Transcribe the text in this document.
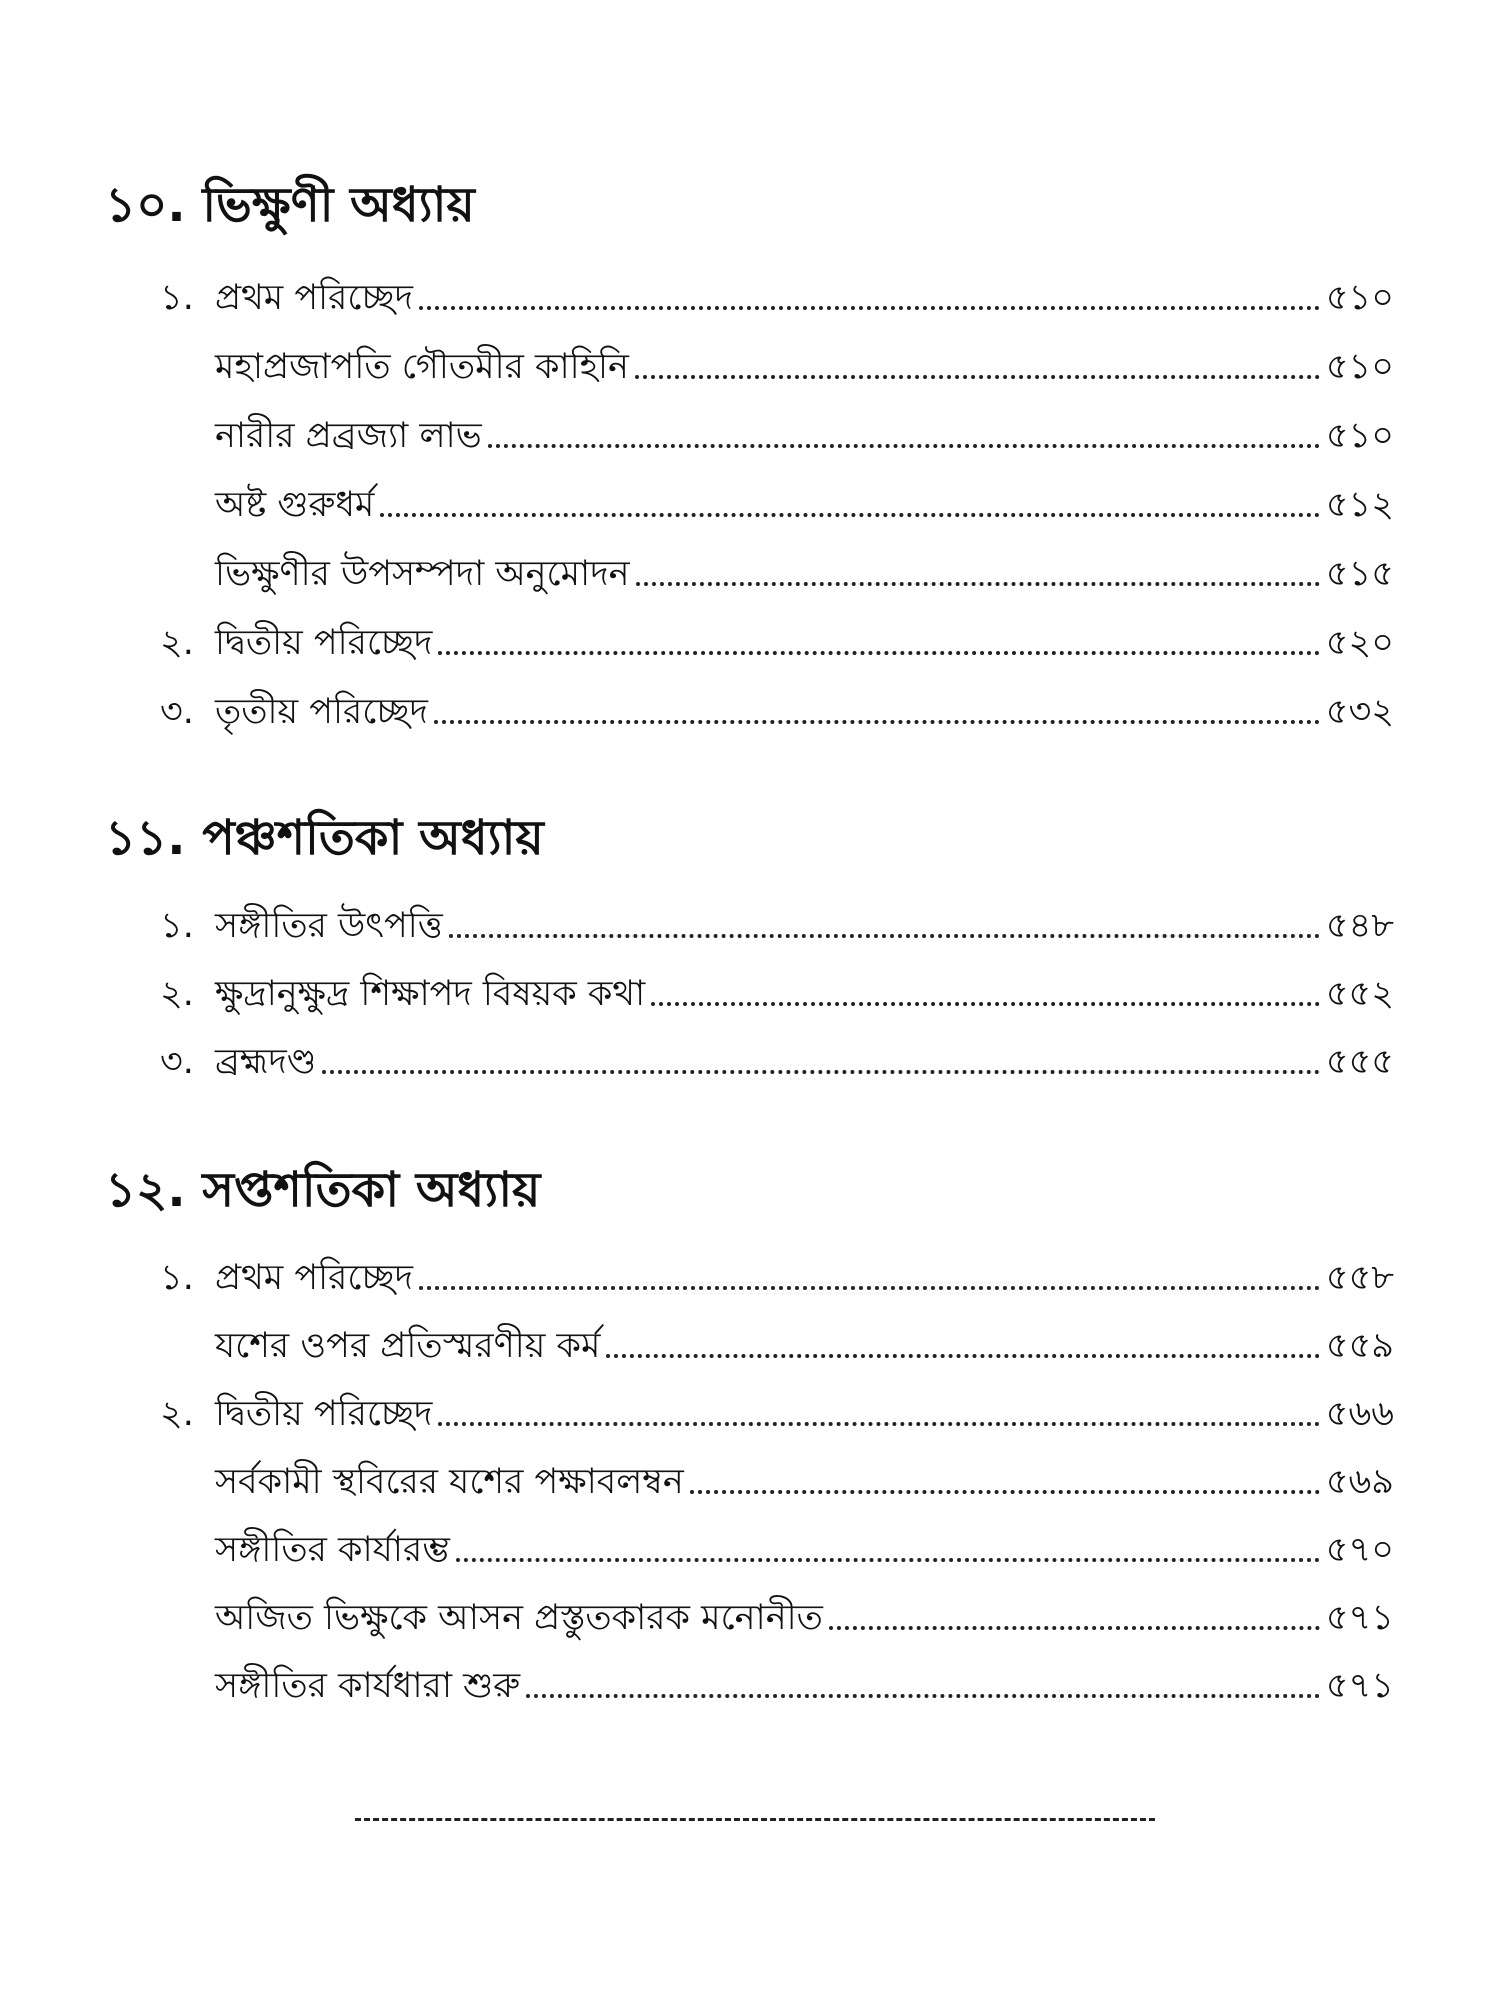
১০. ভিক্ষুণী অধ্যায়
১. প্রথম পরিচ্ছেদ	৫১০
মহাপ্রজাপতি গৌতমীর কাহিনি	৫১০
নারীর প্রব্রজ্যা লাভ	৫১০
অষ্ট গুরুধর্ম	৫১২
ভিক্ষুণীর উপসম্পদা অনুমোদন	৫১৫
২. দ্বিতীয় পরিচ্ছেদ	৫২০
৩. তৃতীয় পরিচ্ছেদ	৫৩২
১১. পঞ্চশতিকা অধ্যায়
১. সঙ্গীতির উৎপত্তি	৫৪৮
২. ক্ষুদ্রানুক্ষুদ্র শিক্ষাপদ বিষয়ক কথা	৫৫২
৩. ব্রহ্মদণ্ড	৫৫৫
১২. সপ্তশতিকা অধ্যায়
১. প্রথম পরিচ্ছেদ	৫৫৮
যশের ওপর প্রতিস্মরণীয় কর্ম	৫৫৯
২. দ্বিতীয় পরিচ্ছেদ	৫৬৬
সর্বকামী স্থবিরের যশের পক্ষাবলম্বন	৫৬৯
সঙ্গীতির কার্যারম্ভ	৫৭০
অজিত ভিক্ষুকে আসন প্রস্তুতকারক মনোনীত	৫৭১
সঙ্গীতির কার্যধারা শুরু	৫৭১
